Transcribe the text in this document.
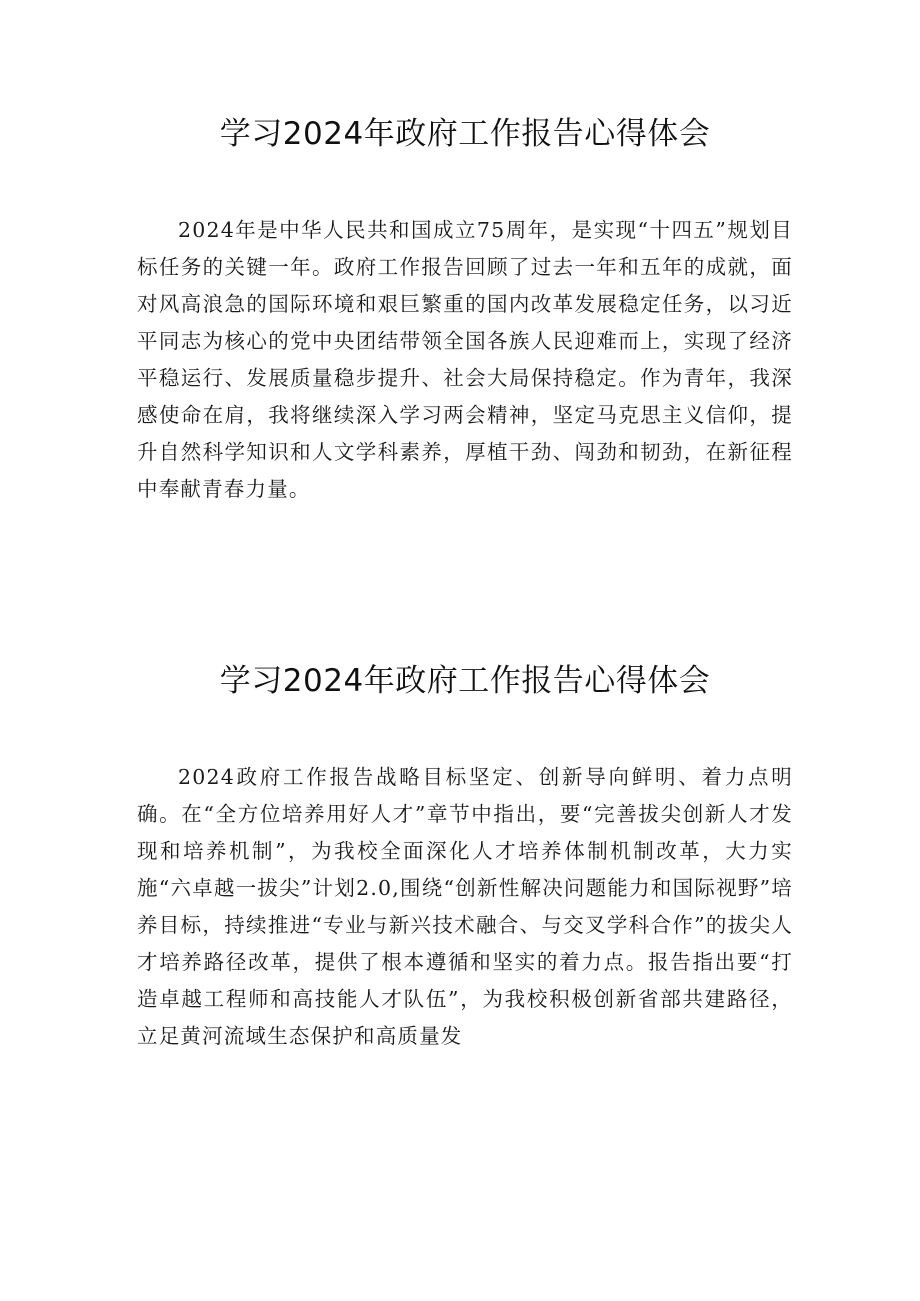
学习2024年政府工作报告心得体会

2024年是中华人民共和国成立75周年，是实现“十四五”规划目标任务的关键一年。政府工作报告回顾了过去一年和五年的成就，面对风高浪急的国际环境和艰巨繁重的国内改革发展稳定任务，以习近平同志为核心的党中央团结带领全国各族人民迎难而上，实现了经济平稳运行、发展质量稳步提升、社会大局保持稳定。作为青年，我深感使命在肩，我将继续深入学习两会精神，坚定马克思主义信仰，提升自然科学知识和人文学科素养，厚植干劲、闯劲和韧劲，在新征程中奉献青春力量。

学习2024年政府工作报告心得体会

2024政府工作报告战略目标坚定、创新导向鲜明、着力点明确。在“全方位培养用好人才”章节中指出，要“完善拔尖创新人才发现和培养机制”，为我校全面深化人才培养体制机制改革，大力实施“六卓越一拔尖”计划2.0,围绕“创新性解决问题能力和国际视野”培养目标，持续推进“专业与新兴技术融合、与交叉学科合作”的拔尖人才培养路径改革，提供了根本遵循和坚实的着力点。报告指出要“打造卓越工程师和高技能人才队伍”，为我校积极创新省部共建路径，立足黄河流域生态保护和高质量发
